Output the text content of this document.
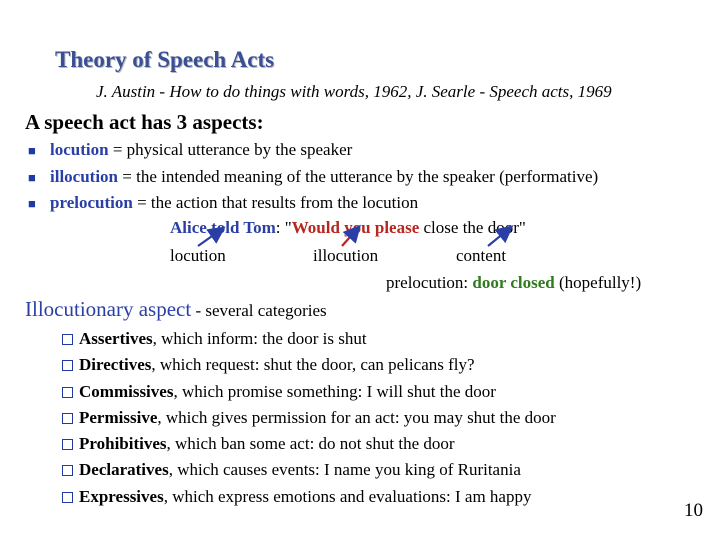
Theory of Speech Acts
J. Austin - How to do things with words, 1962, J. Searle - Speech acts, 1969
A speech act has 3 aspects:
■ locution = physical utterance by the speaker
■ illocution = the intended meaning of the utterance by the speaker (performative)
■ prelocution = the action that results from the locution
Alice told Tom: "Would you please close the door"
locution	illocution	content
prelocution: door closed (hopefully!)
Illocutionary aspect - several categories
Assertives, which inform: the door is shut
Directives, which request: shut the door, can pelicans fly?
Commissives, which promise something: I will shut the door
Permissive, which gives permission for an act: you may shut the door
Prohibitives, which ban some act: do not shut the door
Declaratives, which causes events: I name you king of Ruritania
Expressives, which express emotions and evaluations: I am happy
10
